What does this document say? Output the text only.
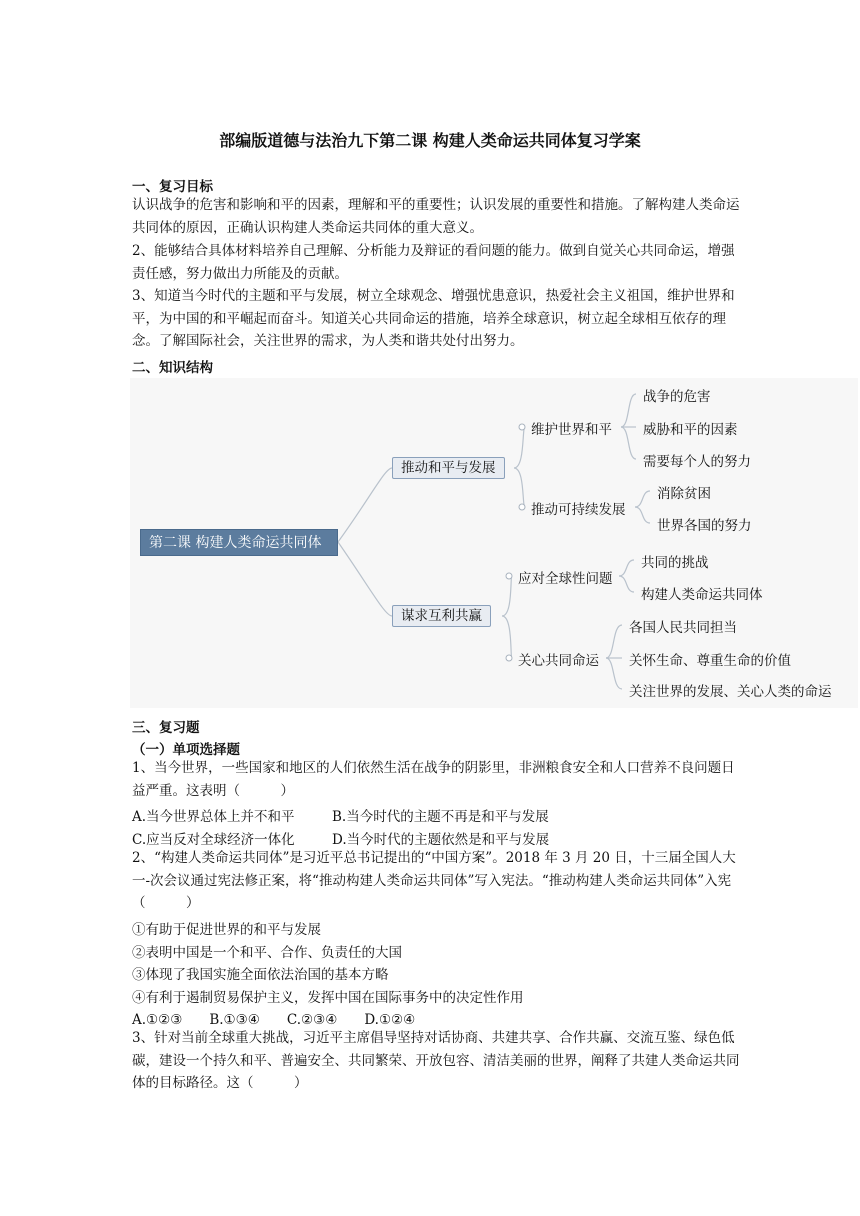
部编版道德与法治九下第二课 构建人类命运共同体复习学案
一、复习目标
认识战争的危害和影响和平的因素，理解和平的重要性；认识发展的重要性和措施。了解构建人类命运共同体的原因，正确认识构建人类命运共同体的重大意义。
2、能够结合具体材料培养自己理解、分析能力及辩证的看问题的能力。做到自觉关心共同命运，增强责任感，努力做出力所能及的贡献。
3、知道当今时代的主题和平与发展，树立全球观念、增强忧患意识，热爱社会主义祖国，维护世界和平，为中国的和平崛起而奋斗。知道关心共同命运的措施，培养全球意识，树立起全球相互依存的理念。了解国际社会，关注世界的需求，为人类和谐共处付出努力。
二、知识结构
第二课 构建人类命运共同体
推动和平与发展
谋求互利共赢
维护世界和平
推动可持续发展
应对全球性问题
关心共同命运
战争的危害
威胁和平的因素
需要每个人的努力
消除贫困
世界各国的努力
共同的挑战
构建人类命运共同体
各国人民共同担当
关怀生命、尊重生命的价值
关注世界的发展、关心人类的命运
三、复习题
（一）单项选择题
1、当今世界，一些国家和地区的人们依然生活在战争的阴影里，非洲粮食安全和人口营养不良问题日益严重。这表明（　　　）
A.当今世界总体上并不和平	B.当今时代的主题不再是和平与发展
C.应当反对全球经济一体化	D.当今时代的主题依然是和平与发展
2、“构建人类命运共同体”是习近平总书记提出的“中国方案”。2018 年 3 月 20 日，十三届全国人大一-次会议通过宪法修正案，将“推动构建人类命运共同体”写入宪法。“推动构建人类命运共同体”入宪（　　　）
①有助于促进世界的和平与发展
②表明中国是一个和平、合作、负责任的大国
③体现了我国实施全面依法治国的基本方略
④有利于遏制贸易保护主义，发挥中国在国际事务中的决定性作用
A.①②③　　B.①③④　　C.②③④　　D.①②④
3、针对当前全球重大挑战，习近平主席倡导坚持对话协商、共建共享、合作共赢、交流互鉴、绿色低碳，建设一个持久和平、普遍安全、共同繁荣、开放包容、清洁美丽的世界，阐释了共建人类命运共同体的目标路径。这（　　　）
